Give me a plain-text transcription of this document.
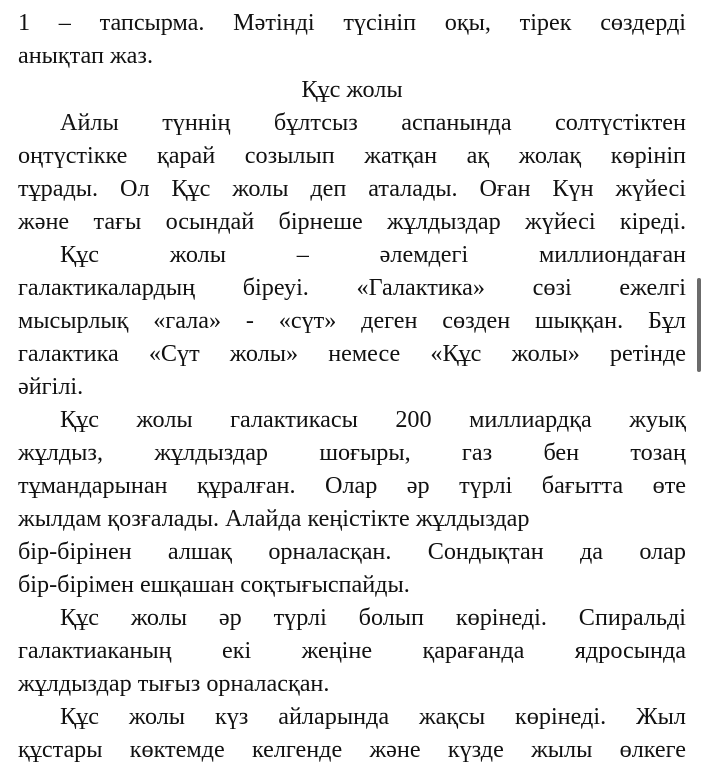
1 – тапсырма. Мәтінді түсініп оқы, тірек сөздерді
анықтап жаз.
Құс жолы
Айлы түннің бұлтсыз аспанында солтүстіктен
оңтүстікке қарай созылып жатқан ақ жолақ көрініп
тұрады. Ол Құс жолы деп аталады. Оған Күн жүйесі
және тағы осындай бірнеше жұлдыздар жүйесі кіреді.
Құс жолы – әлемдегі миллиондаған
галактикалардың біреуі. «Галактика» сөзі ежелгі
мысырлық «гала» - «сүт» деген сөзден шыққан. Бұл
галактика «Сүт жолы» немесе «Құс жолы» ретінде
әйгілі.
Құс жолы галактикасы 200 миллиардқа жуық
жұлдыз, жұлдыздар шоғыры, газ бен тозаң
тұмандарынан құралған. Олар әр түрлі бағытта өте
жылдам қозғалады. Алайда кеңістікте жұлдыздар
бір-бірінен алшақ орналасқан. Сондықтан да олар
бір-бірімен ешқашан соқтығыспайды.
Құс жолы әр түрлі болып көрінеді. Спиральді
галактиаканың екі жеңіне қарағанда ядросында
жұлдыздар тығыз орналасқан.
Құс жолы күз айларында жақсы көрінеді. Жыл
құстары көктемде келгенде және күзде жылы өлкеге
